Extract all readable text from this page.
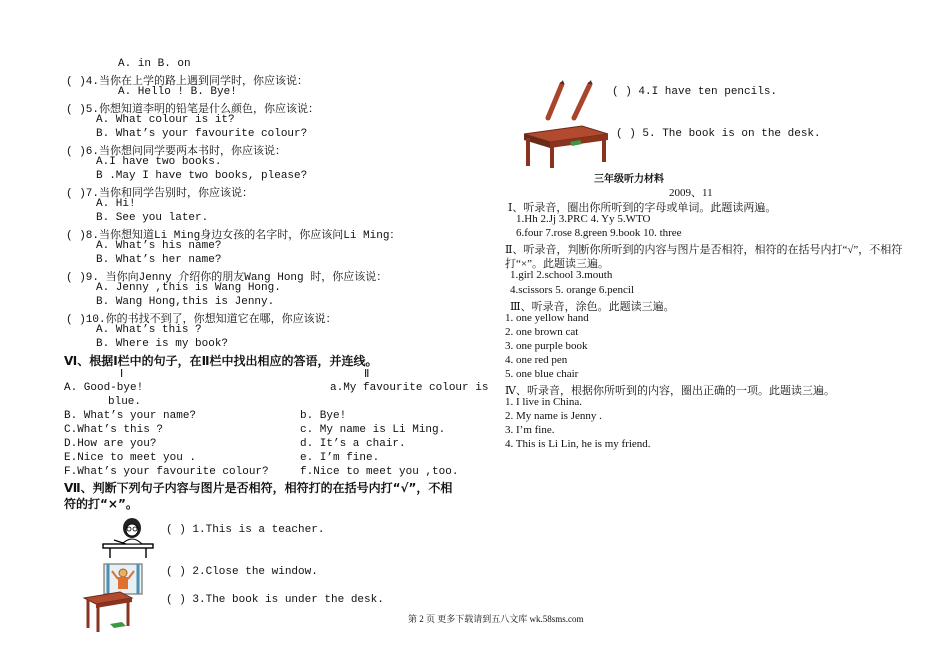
A. in B. on
( )4.当你在上学的路上遇到同学时，你应该说：
A. Hello ! B. Bye!
( )5.你想知道李明的铅笔是什么颜色，你应该说：
A. What colour is it?
B. What’s your favourite colour?
( )6.当你想问同学要两本书时，你应该说：
A.I have two books.
B .May I have two books, please?
( )7.当你和同学告别时，你应该说：
A. Hi!
B. See you later.
( )8.当你想知道Li Ming身边女孩的名字时，你应该问Li Ming：
A. What’s his name?
B. What’s her name?
( )9. 当你向Jenny 介绍你的朋友Wang Hong 时，你应该说：
A. Jenny ,this is Wang Hong.
B. Wang Hong,this is Jenny.
( )10.你的书找不到了，你想知道它在哪，你应该说：
A. What’s this ?
B. Where is my book?
Ⅵ、根据Ⅰ栏中的句子，在Ⅱ栏中找出相应的答语，并连线。
Ⅰ	Ⅱ
A. Good-bye!
B. What’s your name?
C.What’s this ?
D.How are you?
E.Nice to meet you .
F.What’s your favourite colour?
a.My favourite colour is
blue.
b. Bye!
c. My name is Li Ming.
d. It’s a chair.
e. I’m fine.
f.Nice to meet you ,too.
Ⅶ、判断下列句子内容与图片是否相符，相符打的在括号内打“√”，不相
符的打“×”。
( ) 1.This is a teacher.
( ) 2.Close the window.
( ) 3.The book is under the desk.
( ) 4.I have ten pencils.
( ) 5. The book is on the desk.
三年级听力材料
2009、11
Ⅰ、听录音，圈出你所听到的字母或单词。此题读两遍。
1.Hh 2.Jj 3.PRC 4. Yy 5.WTO
6.four 7.rose 8.green 9.book 10. three
Ⅱ、听录音，判断你所听到的内容与图片是否相符，相符的在括号内打“√”，不相符
打“×”。此题读三遍。
1.girl 2.school 3.mouth
4.scissors 5. orange 6.pencil
Ⅲ、听录音，涂色。此题读三遍。
1. one yellow hand
2. one brown cat
3. one purple book
4. one red pen
5. one blue chair
Ⅳ、听录音，根据你所听到的内容，圈出正确的一项。此题读三遍。
1. I live in China.
2. My name is Jenny .
3. I’m fine.
4. This is Li Lin, he is my friend.
第 2 页 更多下载请到五八文库 wk.58sms.com
